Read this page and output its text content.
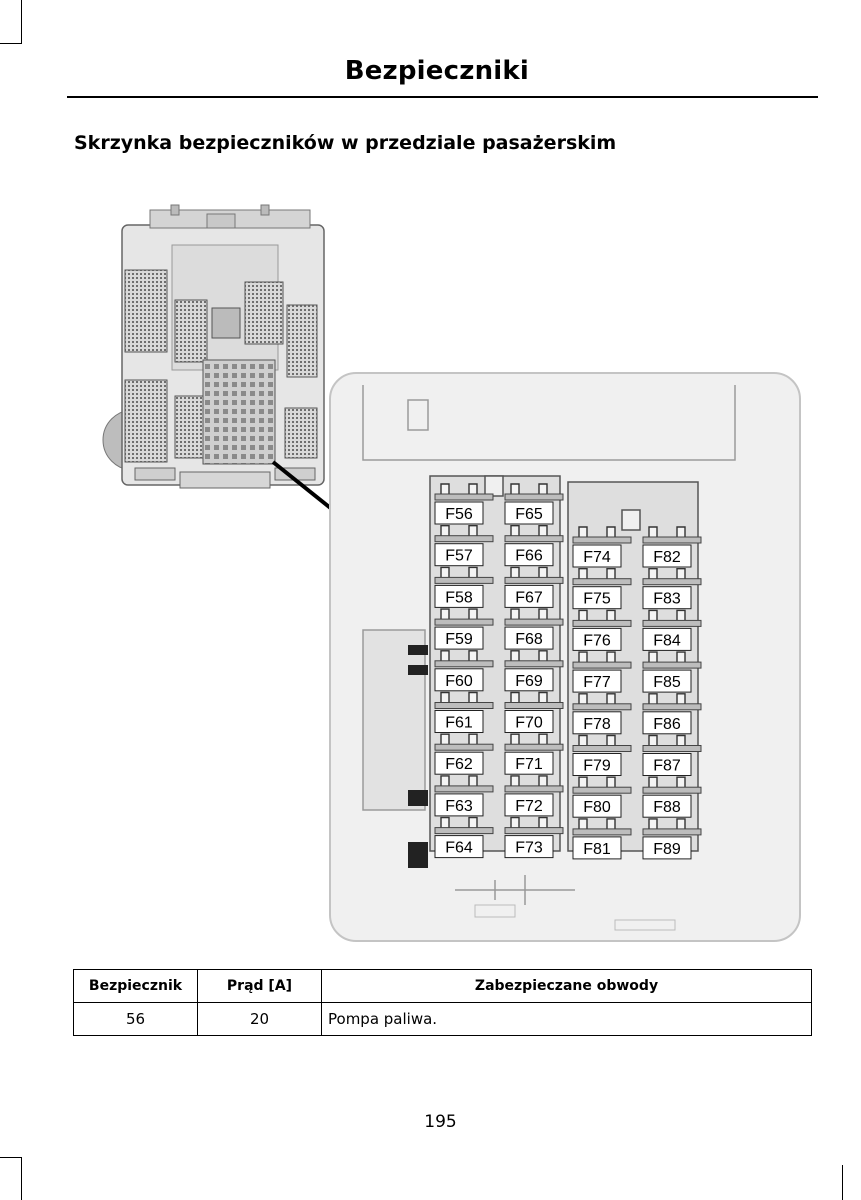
Bezpieczniki
Skrzynka bezpieczników w przedziale pasażerskim
F56
F57
F58
F59
F60
F61
F62
F63
F64
F65
F66
F67
F68
F69
F70
F71
F72
F73
F74
F75
F76
F77
F78
F79
F80
F81
F82
F83
F84
F85
F86
F87
F88
F89
Bezpiecznik	Prąd [A]	Zabezpieczane obwody
56	20	Pompa paliwa.
195
